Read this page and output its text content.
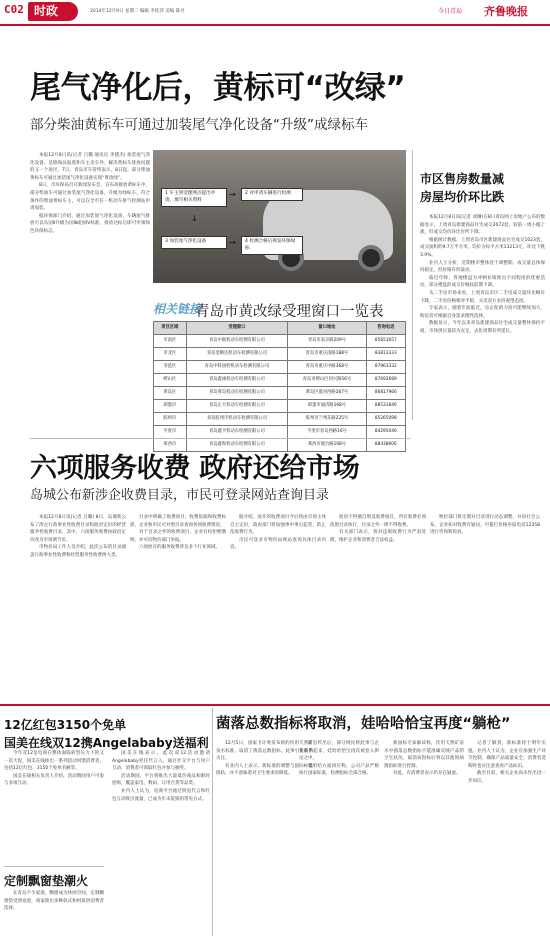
C02 时政	2014年12月9日 星期二 编辑 李桂萍 美编 陈丹	今日青岛 齐鲁晚报
尾气净化后，黄标可“改绿”
部分柴油黄标车可通过加装尾气净化设备“升级”成绿标车

本报12月8日讯(记者 吕璐 通讯员 李德杰) 加装尾气净化设备，是除淘汰报废和车主卖车外，解决黄标车排放问题的又一个途径。7日，青岛市车管所表示，8日起，部分柴油黄标车可通过加装尾气净化设备实现“黄改绿”。

8日，市环保局召开新闻发布会，宣布高排放黄标车中，部分柴油车可通过加装尾气净化设备，升级为绿标车。符合条件的柴油黄标车主，可以在全市任一机动车排气检测站申请加装。

据环保部门介绍，通过加装尾气净化设备，车辆尾气排放可以从国Ⅱ升级为国Ⅲ或国Ⅳ标准，排放达标后即可申领绿色环保标志。

1 车主到受理网点提出申请，填写相关资料
→	2 对申请车辆进行检测
↓
3 加装尾气净化设备	→	4 检测合格后换发环保绿标
相关链接
青岛市黄改绿受理窗口一览表
项目区域	受理窗口	窗口地址	咨询电话
市南区	青岛中联机动车检测有限公司	青岛市南京路209号	85651657
市北区	青岛金顺达机动车检测有限公司	青岛市重庆南路188号	83813333
李沧区	青岛中科国检机动车检测有限公司	青岛市重庆中路368号	87963332
崂山区	青岛鑫诚机动车检测有限公司	青岛市崂山区同兴路56号	87692689
黄岛区	青岛黄岛机动车检测有限公司	黄岛区淮河西路267号	86817966
即墨市	青岛正大机动车检测有限公司	即墨市通济路168号	88531846
胶州市	青岛胶州市机动车检测有限公司	胶州市兰州东路225号	85265098
平度市	青岛鑫平机动车检测有限公司	平度市青岛西路16号	84295046
莱西市	青岛鑫和机动车检测有限公司	莱西市烟台路108号	88438606
市区售房数量减
房屋均价环比跌

本报12月8日讯(记者 刘琳)在8日青岛网上房地产公布的数据显示，上周青岛新建商品住宅成交2072套，较前一周小幅上涨，但成交均价环比有所下降。

根据统计数据，上周青岛市区新建商品住宅成交1023套，成交面积约9.7万平方米，均价为每平方米13213元，环比下跌3.9%。

业内人士分析，近期楼市整体处于调整期，成交量总体保持稳定，但价格有所波动。

临近年终，各地楼盘为冲刺业绩推出不同程度的优惠活动，部分楼盘的成交价格较前期下调。

从二手房市场来看，上周青岛市区二手房成交量环比略有下降，二手房价格相对平稳，买卖双方多持观望态度。

专家表示，随着年底临近，房企促销力度可能继续加大，购房者可根据自身需求理性选择。

数据显示，今年以来青岛新建商品住宅成交量整体保持平稳，市场供应量较为充足，去化周期有所延长。

六项服务收费 政府还给市场
岛城公布新涉企收费目录，市民可登录网站查询目录

本报12月8日讯(记者 吕璐) 8日，岛城新公布了涉企行政事业性收费目录和政府定价的经营服务性收费目录，其中，六项服务收费由政府定价改为市场调节价。

市物价局工作人员介绍，此次公布的目录涵盖行政事业性收费和经营服务性收费两大类。

目录中明确了收费项目、收费依据和收费标准，企业和市民可对照目录查询各项收费情况。

对于目录之外的收费项目，企业有权拒绝缴纳，并可向物价部门举报。

六项放开的服务收费涉及多个行业领域。

据介绍，放开的收费项目今后将由市场主体自主定价，政府部门将加强事中事后监管，防止乱收费行为。

市民可登录市物价局网站查询具体目录内容。

政府不得擅自增设收费项目，所有收费必须依照目录执行，目录之外一律不得收费。

有关部门表示，将对违规收费行为严肃处理，维护企业和消费者合法权益。

物价部门将定期对目录进行动态调整，并向社会公布。企业如对收费有疑问，可拨打价格举报电话12358进行咨询和投诉。

12亿红包3150个免单
国美在线双12携Angelababy送福利

今年双12是电商在整体面临转型压力下的又一次大促，国美在线推出一系列活动回馈消费者，包括12亿红包、3150个免单名额等。

国美在线相关负责人介绍，活动期间用户可参与多项互动。

国美在线表示，此次双12活动邀请Angelababy担任代言人，通过社交平台与用户互动，消费者可领取红包并参与抽奖。

活动期间，平台将推出大量低价商品和限时抢购，覆盖家电、数码、日用百货等品类。

业内人士认为，电商平台通过明星代言和红包互动吸引流量，已成为年末促销的常见方式。

定制飘窗垫潮火

在青岛不少家庭，飘窗成为休闲空间，定制飘窗垫受到欢迎，商家推出多种款式和材质供消费者选择。

菌落总数指标将取消，娃哈哈恰宝再度“躺枪”

12月5日，国家卫计委发布新的饮用天然矿泉水标准，取消了菌落总数指标，此事引发业内关注。

有业内人士表示，新标准的调整与国际标准接轨，并不意味着对卫生要求的降低。

消息传出后，部分网民将此事与企业联系起来，娃哈哈恰宝再次被卷入舆论之中。

娃哈哈方面回应称，公司产品严格执行国家标准，检测指标全部合格。

新国标专家解读称，饮用天然矿泉水中菌落总数指标不能准确反映产品的卫生状况，取消该指标后将以其他致病菌指标进行控制。

对此，有消费者表示仍存在疑虑。

记者了解到，新标准将于明年实施。业内人士认为，企业应加强生产环节控制，确保产品质量安全，消费者选购时也应注意查看产品标识。

截至目前，相关企业尚未作出进一步回应。
